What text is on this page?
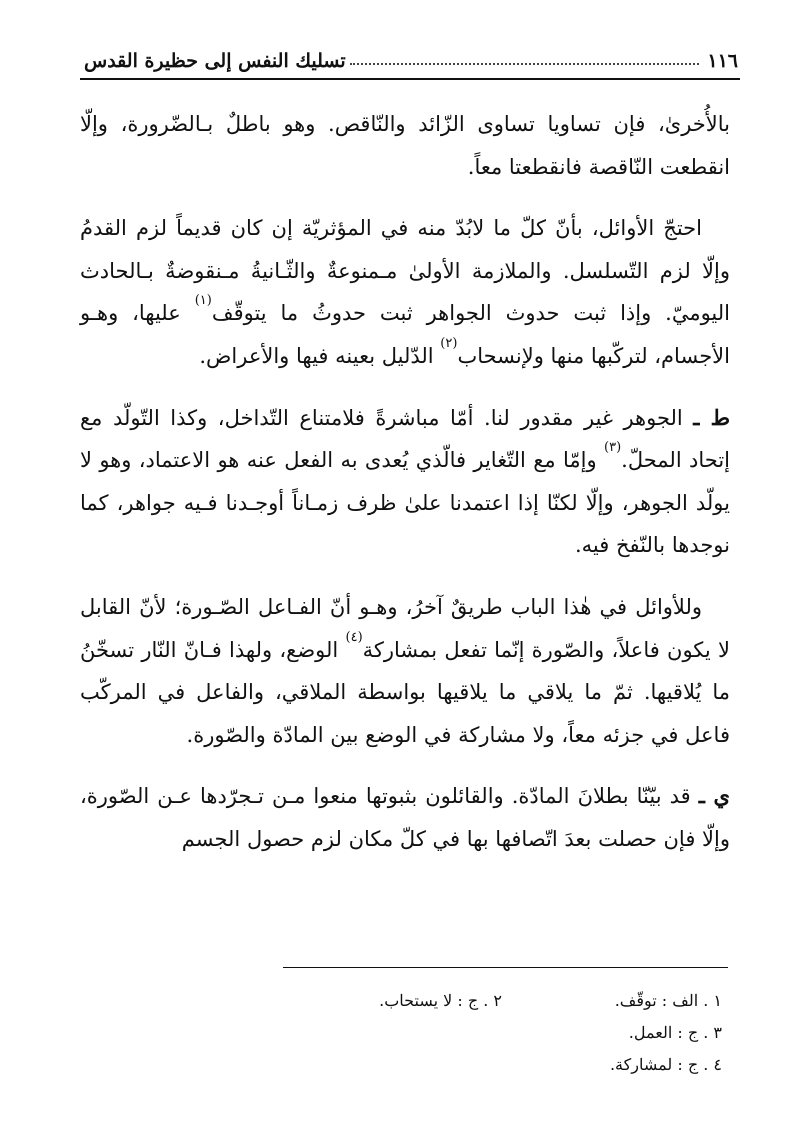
١١٦
تسليك النفس إلى حظيرة القدس

بالأُخرىٰ، فإن تساويا تساوى الزّائد والنّاقص. وهو باطلٌ بـالضّرورة، وإلّا انقطعت النّاقصة فانقطعتا معاً.

احتجّ الأوائل، بأنّ كلّ ما لابُدّ منه في المؤثريّة إن كان قديماً لزم القدمُ وإلّا لزم التّسلسل. والملازمة الأولىٰ مـمنوعةٌ والثّـانيةُ مـنقوضةٌ بـالحادث اليوميّ. وإذا ثبت حدوث الجواهر ثبت حدوثُ ما يتوقّف$^{(١)}$ عليها، وهـو الأجسام، لتركّبها منها ولإنسحاب$^{(٢)}$ الدّليل بعينه فيها والأعراض.

ط ـ الجوهر غير مقدور لنا. أمّا مباشرةً فلامتناع التّداخل، وكذا التّولّد مع إتحاد المحلّ.$^{(٣)}$ وإمّا مع التّغاير فالّذي يُعدى به الفعل عنه هو الاعتماد، وهو لا يولّد الجوهر، وإلّا لكنّا إذا اعتمدنا علىٰ ظرف زمـاناً أوجـدنا فـيه جواهر، كما نوجدها بالنّفخ فيه.

وللأوائل في هٰذا الباب طريقٌ آخرُ، وهـو أنّ الفـاعل الصّـورة؛ لأنّ القابل لا يكون فاعلاً، والصّورة إنّما تفعل بمشاركة$^{(٤)}$ الوضع، ولهذا فـانّ النّار تسخّنُ ما يُلاقيها. ثمّ ما يلاقي ما يلاقيها بواسطة الملاقي، والفاعل في المركّب فاعل في جزئه معاً، ولا مشاركة في الوضع بين المادّة والصّورة.

ي ـ قد بيّنّا بطلانَ المادّة. والقائلون بثبوتها منعوا مـن تـجرّدها عـن الصّورة، وإلّا فإن حصلت بعدَ اتّصافها بها في كلّ مكان لزم حصول الجسم

١ . الف : توقّف.
٢ . ج : لا يستحاب.
٣ . ج : العمل.
٤ . ج : لمشاركة.
